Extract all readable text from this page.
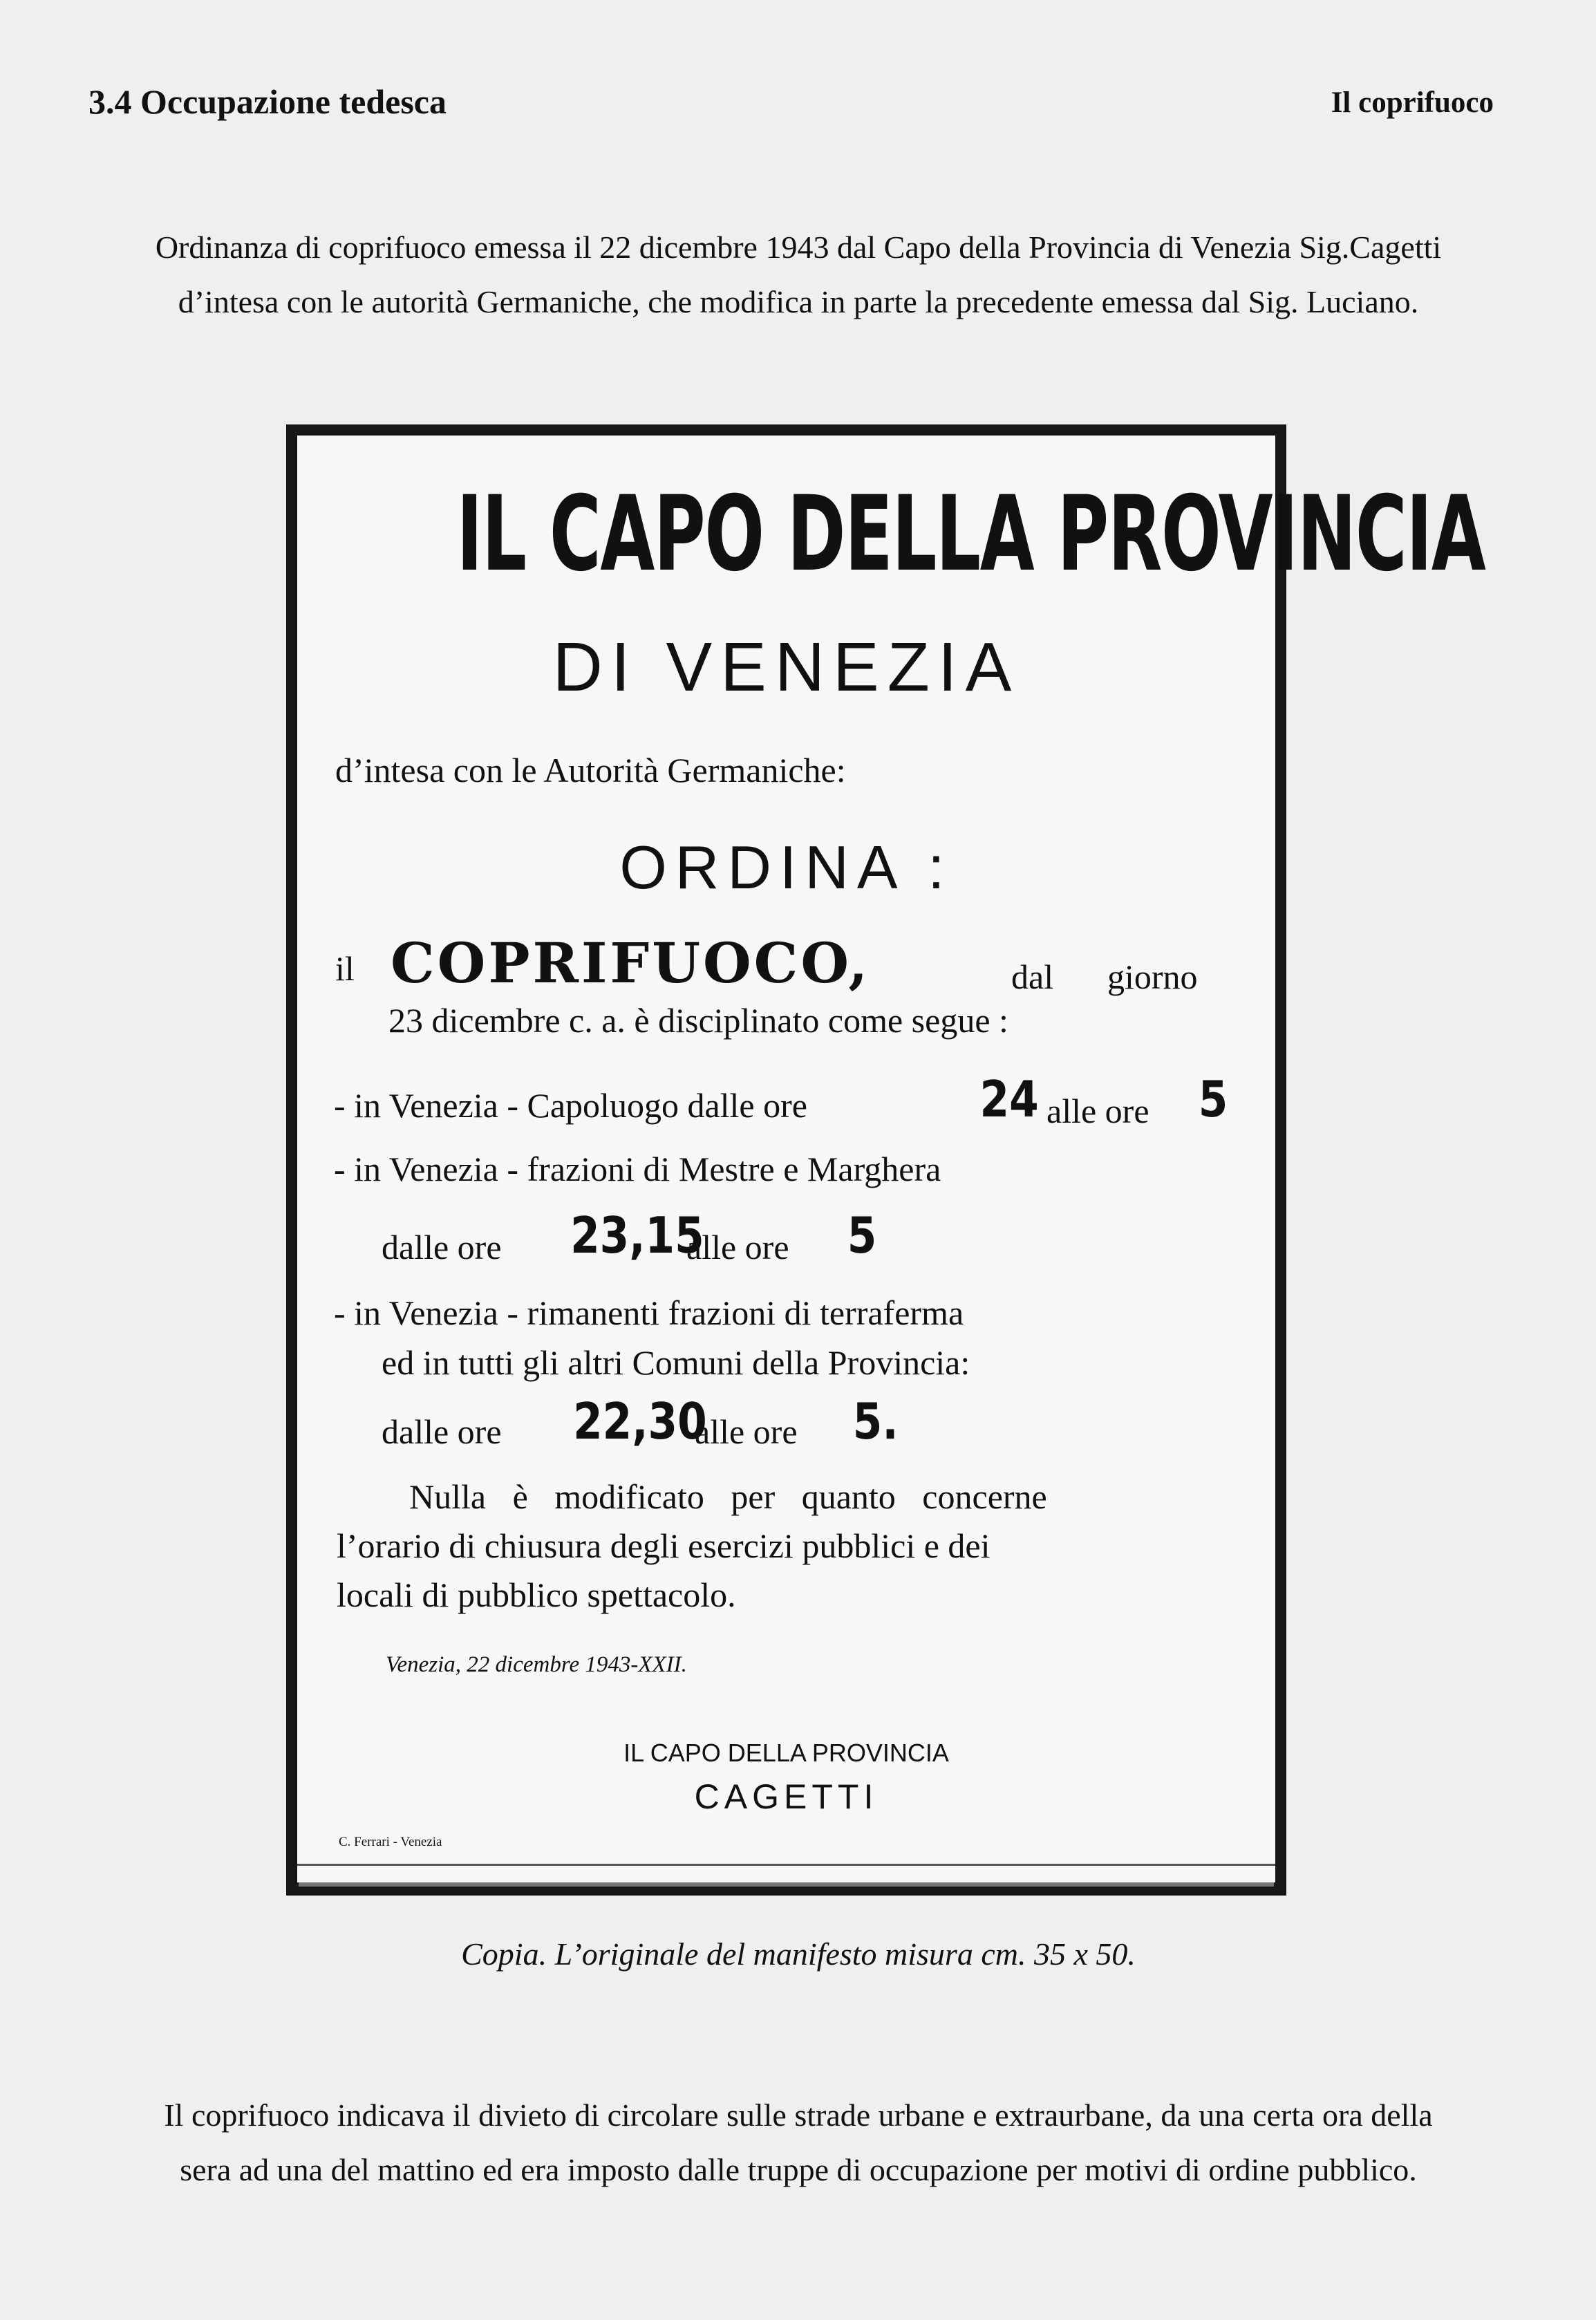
3.4 Occupazione tedesca	Il coprifuoco
Ordinanza di coprifuoco emessa il 22 dicembre 1943 dal Capo della Provincia di Venezia Sig.Cagetti
d’intesa con le autorità Germaniche, che modifica in parte la precedente emessa dal Sig. Luciano.
IL CAPO DELLA PROVINCIA
DI VENEZIA
d’intesa con le Autorità Germaniche:
ORDINA :
il COPRIFUOCO,	dal giorno
23 dicembre c. a. è disciplinato come segue :
- in Venezia - Capoluogo dalle ore	24 alle ore 5
- in Venezia - frazioni di Mestre e Marghera
dalle ore 23,15
alle ore 5
- in Venezia - rimanenti frazioni di terraferma
ed in tutti gli altri Comuni della Provincia:
dalle ore 22,30
alle ore 5.
Nulla è modificato per quanto concerne
l’orario di chiusura degli esercizi pubblici e dei
locali di pubblico spettacolo.
Venezia, 22 dicembre 1943-XXII.
IL CAPO DELLA PROVINCIA
CAGETTI
C. Ferrari - Venezia
Copia. L’originale del manifesto misura cm. 35 x 50.
Il coprifuoco indicava il divieto di circolare sulle strade urbane e extraurbane, da una certa ora della
sera ad una del mattino ed era imposto dalle truppe di occupazione per motivi di ordine pubblico.
